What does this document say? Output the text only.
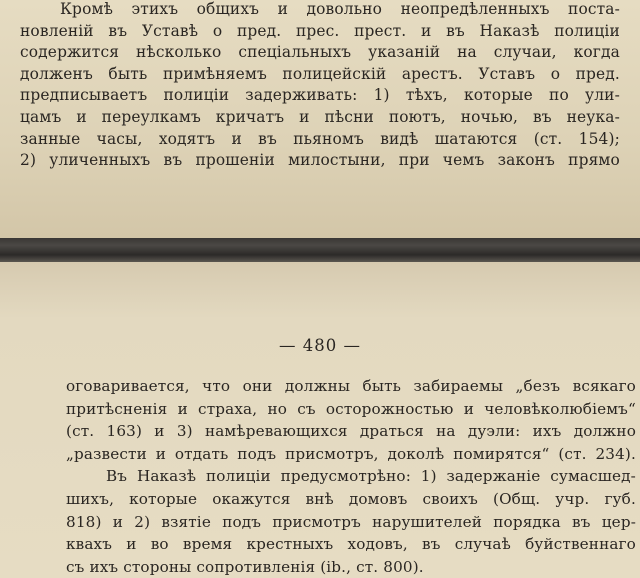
Кромѣ этихъ общихъ и довольно неопредѣленныхъ поста-
новленій въ Уставѣ о пред. прес. прест. и въ Наказѣ полиціи
содержится нѣсколько спеціальныхъ указаній на случаи, когда
долженъ быть примѣняемъ полицейскій арестъ. Уставъ о пред.
предписываетъ полиціи задерживать: 1) тѣхъ, которые по ули-
цамъ и переулкамъ кричатъ и пѣсни поютъ, ночью, въ неука-
занные часы, ходятъ и въ пьяномъ видѣ шатаются (ст. 154);
2) уличенныхъ въ прошеніи милостыни, при чемъ законъ прямо
— 480 —
оговаривается, что они должны быть забираемы „безъ всякаго
притѣсненія и страха, но съ осторожностью и человѣколюбіемъ“
(ст. 163) и 3) намѣревающихся драться на дуэли: ихъ должно
„развести и отдать подъ присмотръ, доколѣ помирятся“ (ст. 234).
Въ Наказѣ полиціи предусмотрѣно: 1) задержаніе сумасшед-
шихъ, которые окажутся внѣ домовъ своихъ (Общ. учр. губ.
818) и 2) взятіе подъ присмотръ нарушителей порядка въ цер-
квахъ и во время крестныхъ ходовъ, въ случаѣ буйственнаго
съ ихъ стороны сопротивленія (ib., ст. 800).
